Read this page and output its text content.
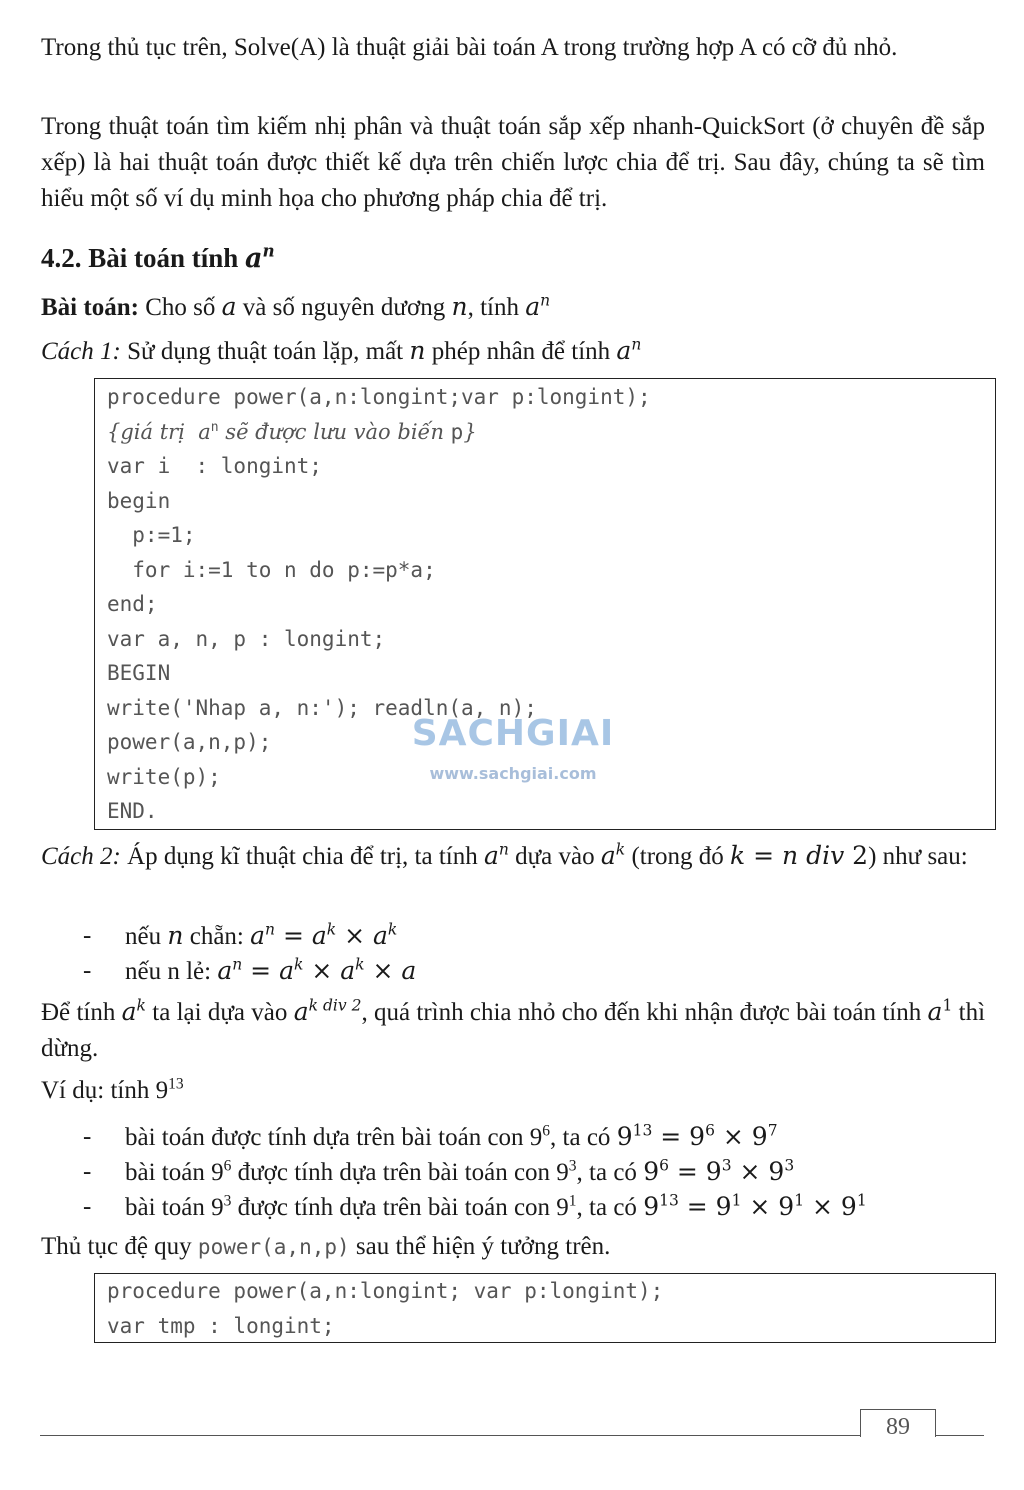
Trong thủ tục trên, Solve(A) là thuật giải bài toán A trong trường hợp A có cỡ đủ nhỏ.

Trong thuật toán tìm kiếm nhị phân và thuật toán sắp xếp nhanh-QuickSort (ở chuyên đề sắp xếp) là hai thuật toán được thiết kế dựa trên chiến lược chia để trị. Sau đây, chúng ta sẽ tìm hiểu một số ví dụ minh họa cho phương pháp chia để trị.

4.2. Bài toán tính $a^n$

Bài toán: Cho số a và số nguyên dương n, tính $a^n$

Cách 1: Sử dụng thuật toán lặp, mất n phép nhân để tính $a^n$

procedure power(a,n:longint;var p:longint);
{giá trị  $a^n$ sẽ được lưu vào biến p}
var i  : longint;
begin
p:=1;
for i:=1 to n do p:=p*a;
end;
var a, n, p : longint;
BEGIN
write('Nhap a, n:'); readln(a, n);
power(a,n,p);
write(p);
END.

Cách 2: Áp dụng kĩ thuật chia để trị, ta tính $a^n$ dựa vào $a^k$ (trong đó k = n div 2) như sau:

- nếu n chẵn: $a^n = a^k \times a^k$
- nếu n lẻ: $a^n = a^k \times a^k \times a$

Để tính $a^k$ ta lại dựa vào $a^{k div 2}$, quá trình chia nhỏ cho đến khi nhận được bài toán tính $a^1$ thì dừng.

Ví dụ: tính $9^{13}$

- bài toán được tính dựa trên bài toán con $9^6$, ta có $9^{13} = 9^6 \times 9^7$
- bài toán $9^6$ được tính dựa trên bài toán con $9^3$, ta có $9^6 = 9^3 \times 9^3$
- bài toán $9^3$ được tính dựa trên bài toán con $9^1$, ta có $9^{13} = 9^1 \times 9^1 \times 9^1$

Thủ tục đệ quy power(a,n,p) sau thể hiện ý tưởng trên.

procedure power(a,n:longint; var p:longint);
var tmp : longint;
SACHGIAI
www.sachgiai.com
89
